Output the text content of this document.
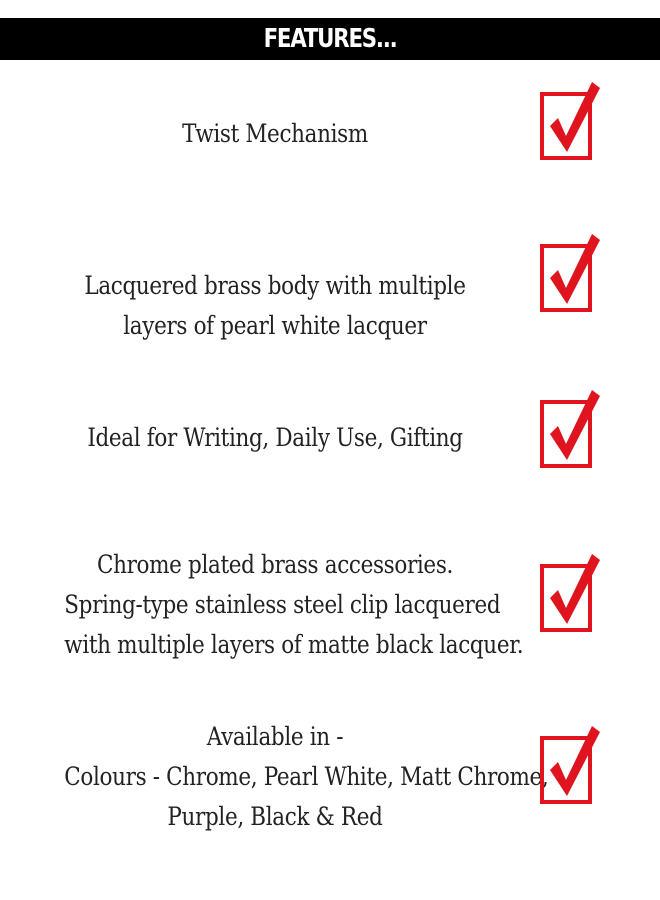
FEATURES...
Twist Mechanism
Lacquered brass body with multiple
layers of pearl white lacquer
Ideal for Writing, Daily Use, Gifting
Chrome plated brass accessories.
Spring-type stainless steel clip lacquered
with multiple layers of matte black lacquer.
Available in -
Colours - Chrome, Pearl White, Matt Chrome,
Purple, Black & Red
